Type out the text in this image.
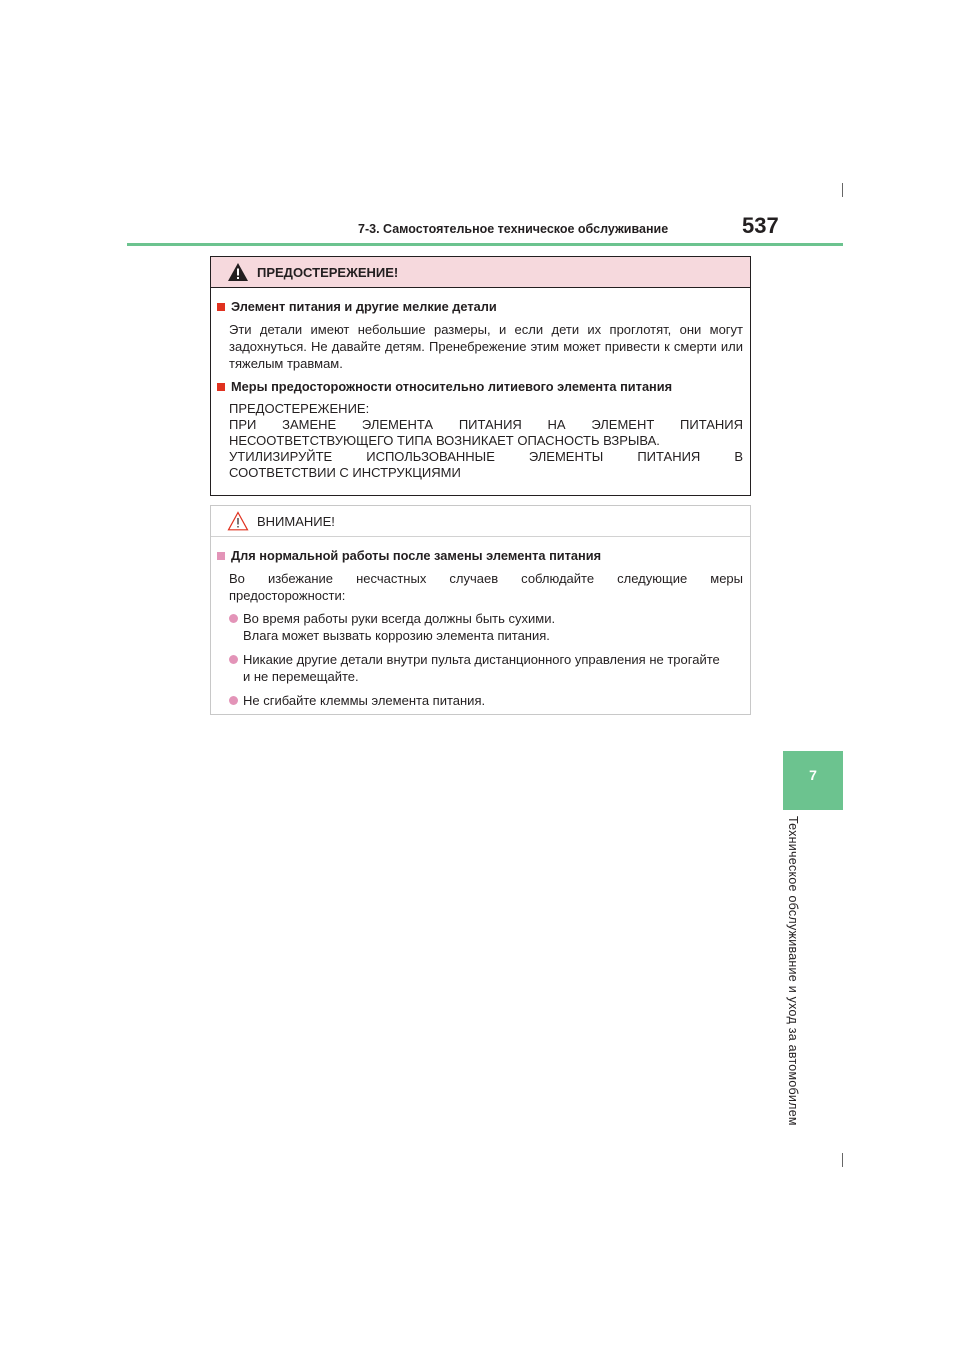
7-3. Самостоятельное техническое обслуживание	537
7
Техническое обслуживание и уход за автомобилем
ПРЕДОСТЕРЕЖЕНИЕ!
Элемент питания и другие мелкие детали

Эти детали имеют небольшие размеры, и если дети их проглотят, они могут задохнуться. Не давайте детям. Пренебрежение этим может привести к смерти или тяжелым травмам.

Меры предосторожности относительно литиевого элемента питания
ПРЕДОСТЕРЕЖЕНИЕ:
ПРИ ЗАМЕНЕ ЭЛЕМЕНТА ПИТАНИЯ НА ЭЛЕМЕНТ ПИТАНИЯ
НЕСООТВЕТСТВУЮЩЕГО ТИПА ВОЗНИКАЕТ ОПАСНОСТЬ ВЗРЫВА.
УТИЛИЗИРУЙТЕ ИСПОЛЬЗОВАННЫЕ ЭЛЕМЕНТЫ ПИТАНИЯ В
СООТВЕТСТВИИ С ИНСТРУКЦИЯМИ
ВНИМАНИЕ!
Для нормальной работы после замены элемента питания

Во избежание несчастных случаев соблюдайте следующие меры предосторожности:

Во время работы руки всегда должны быть сухими.
Влага может вызвать коррозию элемента питания.
Никакие другие детали внутри пульта дистанционного управления не трогайте
и не перемещайте.
Не сгибайте клеммы элемента питания.
